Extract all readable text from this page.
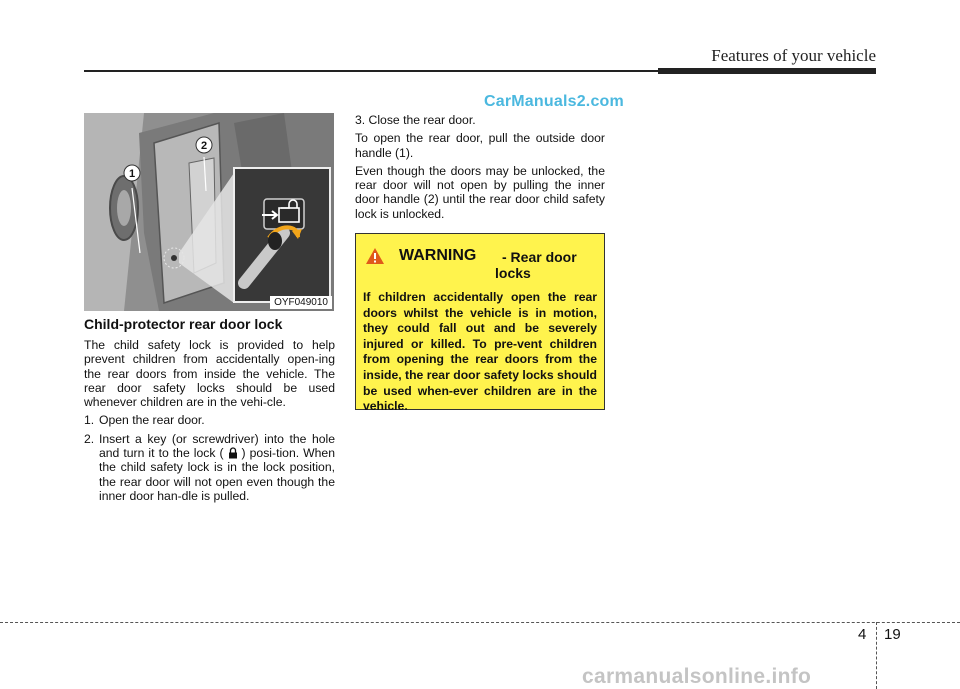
Features of your vehicle
CarManuals2.com
1
2
OYF049010
Child-protector rear door lock

The child safety lock is provided to help prevent children from accidentally open-ing the rear doors from inside the vehicle. The rear door safety locks should be used whenever children are in the vehi-cle.

1. Open the rear door.
2. Insert a key (or screwdriver) into the hole and turn it to the lock ( ) posi-tion. When the child safety lock is in the lock position, the rear door will not open even though the inner door han-dle is pulled.

3. Close the rear door.

To open the rear door, pull the outside door handle (1).

Even though the doors may be unlocked, the rear door will not open by pulling the inner door handle (2) until the rear door child safety lock is unlocked.

WARNING - Rear door
locks

If children accidentally open the rear doors whilst the vehicle is in motion, they could fall out and be severely injured or killed. To pre-vent children from opening the rear doors from the inside, the rear door safety locks should be used when-ever children are in the vehicle.

4 19
carmanualsonline.info
